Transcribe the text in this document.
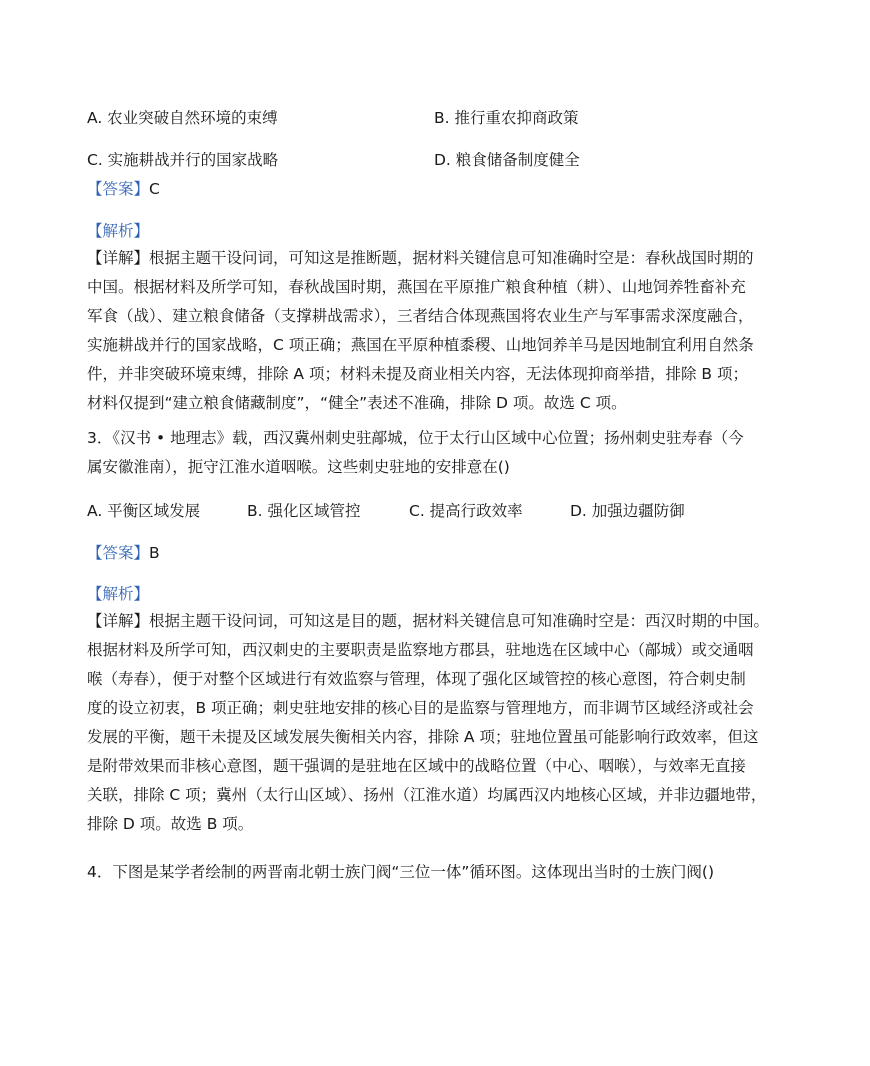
A. 农业突破自然环境的束缚	B. 推行重农抑商政策
C. 实施耕战并行的国家战略	D. 粮食储备制度健全
【答案】C
【解析】
【详解】根据主题干设问词，可知这是推断题，据材料关键信息可知准确时空是：春秋战国时期的
中国。根据材料及所学可知，春秋战国时期，燕国在平原推广粮食种植（耕）、山地饲养牲畜补充
军食（战）、建立粮食储备（支撑耕战需求），三者结合体现燕国将农业生产与军事需求深度融合，
实施耕战并行的国家战略，C 项正确；燕国在平原种植黍稷、山地饲养羊马是因地制宜利用自然条
件，并非突破环境束缚，排除 A 项；材料未提及商业相关内容，无法体现抑商举措，排除 B 项；
材料仅提到“建立粮食储藏制度”，“健全”表述不准确，排除 D 项。故选 C 项。
3．《汉书 • 地理志》载，西汉冀州刺史驻鄗城，位于太行山区域中心位置；扬州刺史驻寿春（今
属安徽淮南），扼守江淮水道咽喉。这些刺史驻地的安排意在()
A. 平衡区域发展	B. 强化区域管控	C. 提高行政效率	D. 加强边疆防御
【答案】B
【解析】
【详解】根据主题干设问词，可知这是目的题，据材料关键信息可知准确时空是：西汉时期的中国。
根据材料及所学可知，西汉刺史的主要职责是监察地方郡县，驻地选在区域中心（鄗城）或交通咽
喉（寿春），便于对整个区域进行有效监察与管理，体现了强化区域管控的核心意图，符合刺史制
度的设立初衷，B 项正确；刺史驻地安排的核心目的是监察与管理地方，而非调节区域经济或社会
发展的平衡，题干未提及区域发展失衡相关内容，排除 A 项；驻地位置虽可能影响行政效率，但这
是附带效果而非核心意图，题干强调的是驻地在区域中的战略位置（中心、咽喉），与效率无直接
关联，排除 C 项；冀州（太行山区域）、扬州（江淮水道）均属西汉内地核心区域，并非边疆地带，
排除 D 项。故选 B 项。
4．下图是某学者绘制的两晋南北朝士族门阀“三位一体”循环图。这体现出当时的士族门阀()
